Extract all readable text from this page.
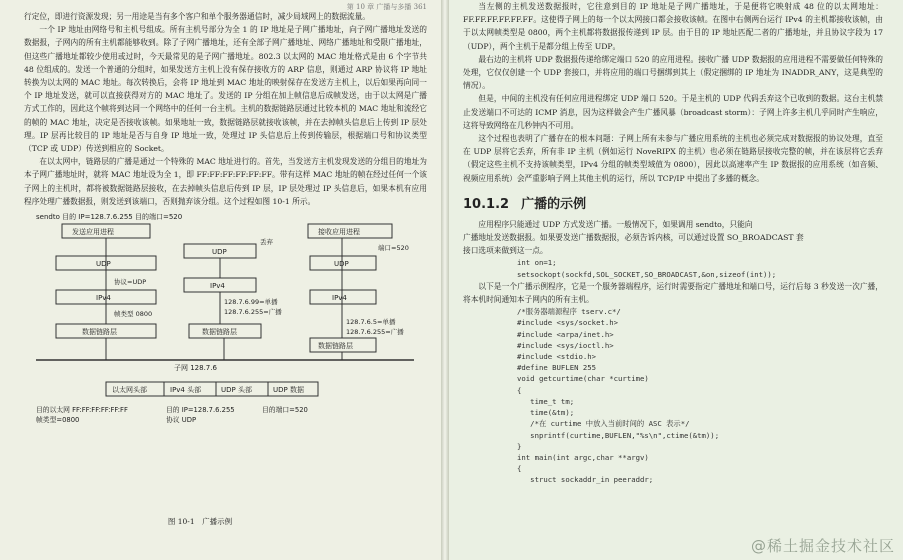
第 10 章 广播与多播 361

行定位，即进行资源发现；另一用途是当有多个客户和单个服务器通信时，减少局域网上的数据流量。

一个 IP 地址由网络号和主机号组成。所有主机号部分为全 1 的 IP 地址是子网广播地址，向子网广播地址发送的数据报，子网内的所有主机都能够收到。除了子网广播地址，还有全部子网广播地址、网络广播地址和受限广播地址，但这些广播地址都较少使用或过时，今天最常见的是子网广播地址。802.3 以太网的 MAC 地址格式是由 6 个字节共 48 位组成的。发送一个普通的分组时，如果发送方主机上没有保存接收方的 ARP 信息，则通过 ARP 协议将 IP 地址转换为以太网的 MAC 地址。每次转换后，会将 IP 地址到 MAC 地址的映射保存在发送方主机上，以后如果再向同一个 IP 地址发送，就可以直接获得对方的 MAC 地址了。发送的 IP 分组在加上帧信息后成帧发送，由于以太网是广播方式工作的，因此这个帧将到达同一个网络中的任何一台主机。主机的数据链路层通过比较本机的 MAC 地址和流经它的帧的 MAC 地址，决定是否接收该帧。如果地址一致，数据链路层就接收该帧，并在去掉帧头信息后上传到 IP 层处理。IP 层再比较目的 IP 地址是否与自身 IP 地址一致，处理过 IP 头信息后上传到传输层，根据端口号和协议类型（TCP 或 UDP）传送到相应的 Socket。

在以太网中，链路层的广播是通过一个特殊的 MAC 地址进行的。首先，当发送方主机发现发送的分组目的地址为本子网广播地址时，就将 MAC 地址设为全 1，即 FF:FF:FF:FF:FF:FF。带有这样 MAC 地址的帧在经过任何一个该子网上的主机时，都将被数据链路层接收，在去掉帧头信息后传到 IP 层，IP 层处理过 IP 头信息后，如果本机有应用程序处理广播数据报，则发送到该端口，否则抛弃该分组。这个过程如图 10-1 所示。

sendto 目的 IP=128.7.6.255 目的端口=520
发送应用进程
UDP
IPv4
数据链路层
协议=UDP
帧类型 0800
UDP
IPv4
数据链路层
丢弃
128.7.6.99=单播
128.7.6.255=广播
接收应用进程
UDP
IPv4
数据链路层
端口=520
128.7.6.5=单播
128.7.6.255=广播
子网 128.7.6
以太网头部	IPv4 头部	UDP 头部	UDP 数据
目的以太网 FF:FF:FF:FF:FF:FF
帧类型=0800
目的 IP=128.7.6.255
协议 UDP
目的端口=520
图 10-1　广播示例

当左侧的主机发送数据报时，它往意到目的 IP 地址是子网广播地址，于是便将它映射成 48 位的以太网地址：FF.FF.FF.FF.FF.FF。这使得子网上的每一个以太网接口都会接收该帧。在图中右侧两台运行 IPv4 的主机都接收该帧，由于以太网帧类型是 0800，两个主机都将数据报传递到 IP 层。由于目的 IP 地址匹配二者的广播地址，并且协议字段为 17（UDP），两个主机于是都分组上传至 UDP。

最右边的主机将 UDP 数据报传递给绑定端口 520 的应用进程。接收广播 UDP 数据报的应用进程不需要做任何特殊的处理，它仅仅创建一个 UDP 套接口，并将应用的端口号捆绑到其上（假定捆绑的 IP 地址为 INADDR_ANY，这是典型的情况）。

但是，中间的主机没有任何应用进程绑定 UDP 端口 520。于是主机的 UDP 代码丢弃这个已收到的数据。这台主机禁止发送端口不可达的 ICMP 消息，因为这样做会产生广播风暴（broadcast storm）：子网上许多主机几乎同时产生响应，这将导致网络在几秒钟内不可用。

这个过程也表明了广播存在的根本问题：子网上所有未参与广播应用系统的主机也必须完成对数据报的协议处理，直至在 UDP 层将它丢弃，所有非 IP 主机（例如运行 NoveRIPX 的主机）也必须在链路层接收完整的帧，并在该层将它丢弃（假定这些主机不支持该帧类型，IPv4 分组的帧类型域值为 0800），因此以高速率产生 IP 数据报的应用系统（如音频、视频应用系统）会严重影响子网上其他主机的运行，所以 TCP/IP 中提出了多播的概念。

10.1.2 广播的示例

应用程序只能通过 UDP 方式发送广播。一般情况下，如果调用 sendto，只能向

广播地址发送数据报。如果要发送广播数据报，必须告诉内核，可以通过设置 SO_BROADCAST 套

接口选项来做到这一点。

int on=1;
setsockopt(sockfd,SOL_SOCKET,SO_BROADCAST,&on,sizeof(int));

以下是一个广播示例程序，它是一个服务器端程序，运行时需要指定广播地址和端口号，运行后每 3 秒发送一次广播，将本机时间通知本子网内的所有主机。

/*服务器端源程序 tserv.c*/
#include <sys/socket.h>
#include <arpa/inet.h>
#include <sys/ioctl.h>
#include <stdio.h>
#define BUFLEN 255
void getcurtime(char *curtime)
{
time_t tm;
time(&tm);
/*在 curtime 中放入当前时间的 ASC 表示*/
snprintf(curtime,BUFLEN,"%s\n",ctime(&tm));
}
int main(int argc,char **argv)
{
struct sockaddr_in peeraddr;
@稀土掘金技术社区
